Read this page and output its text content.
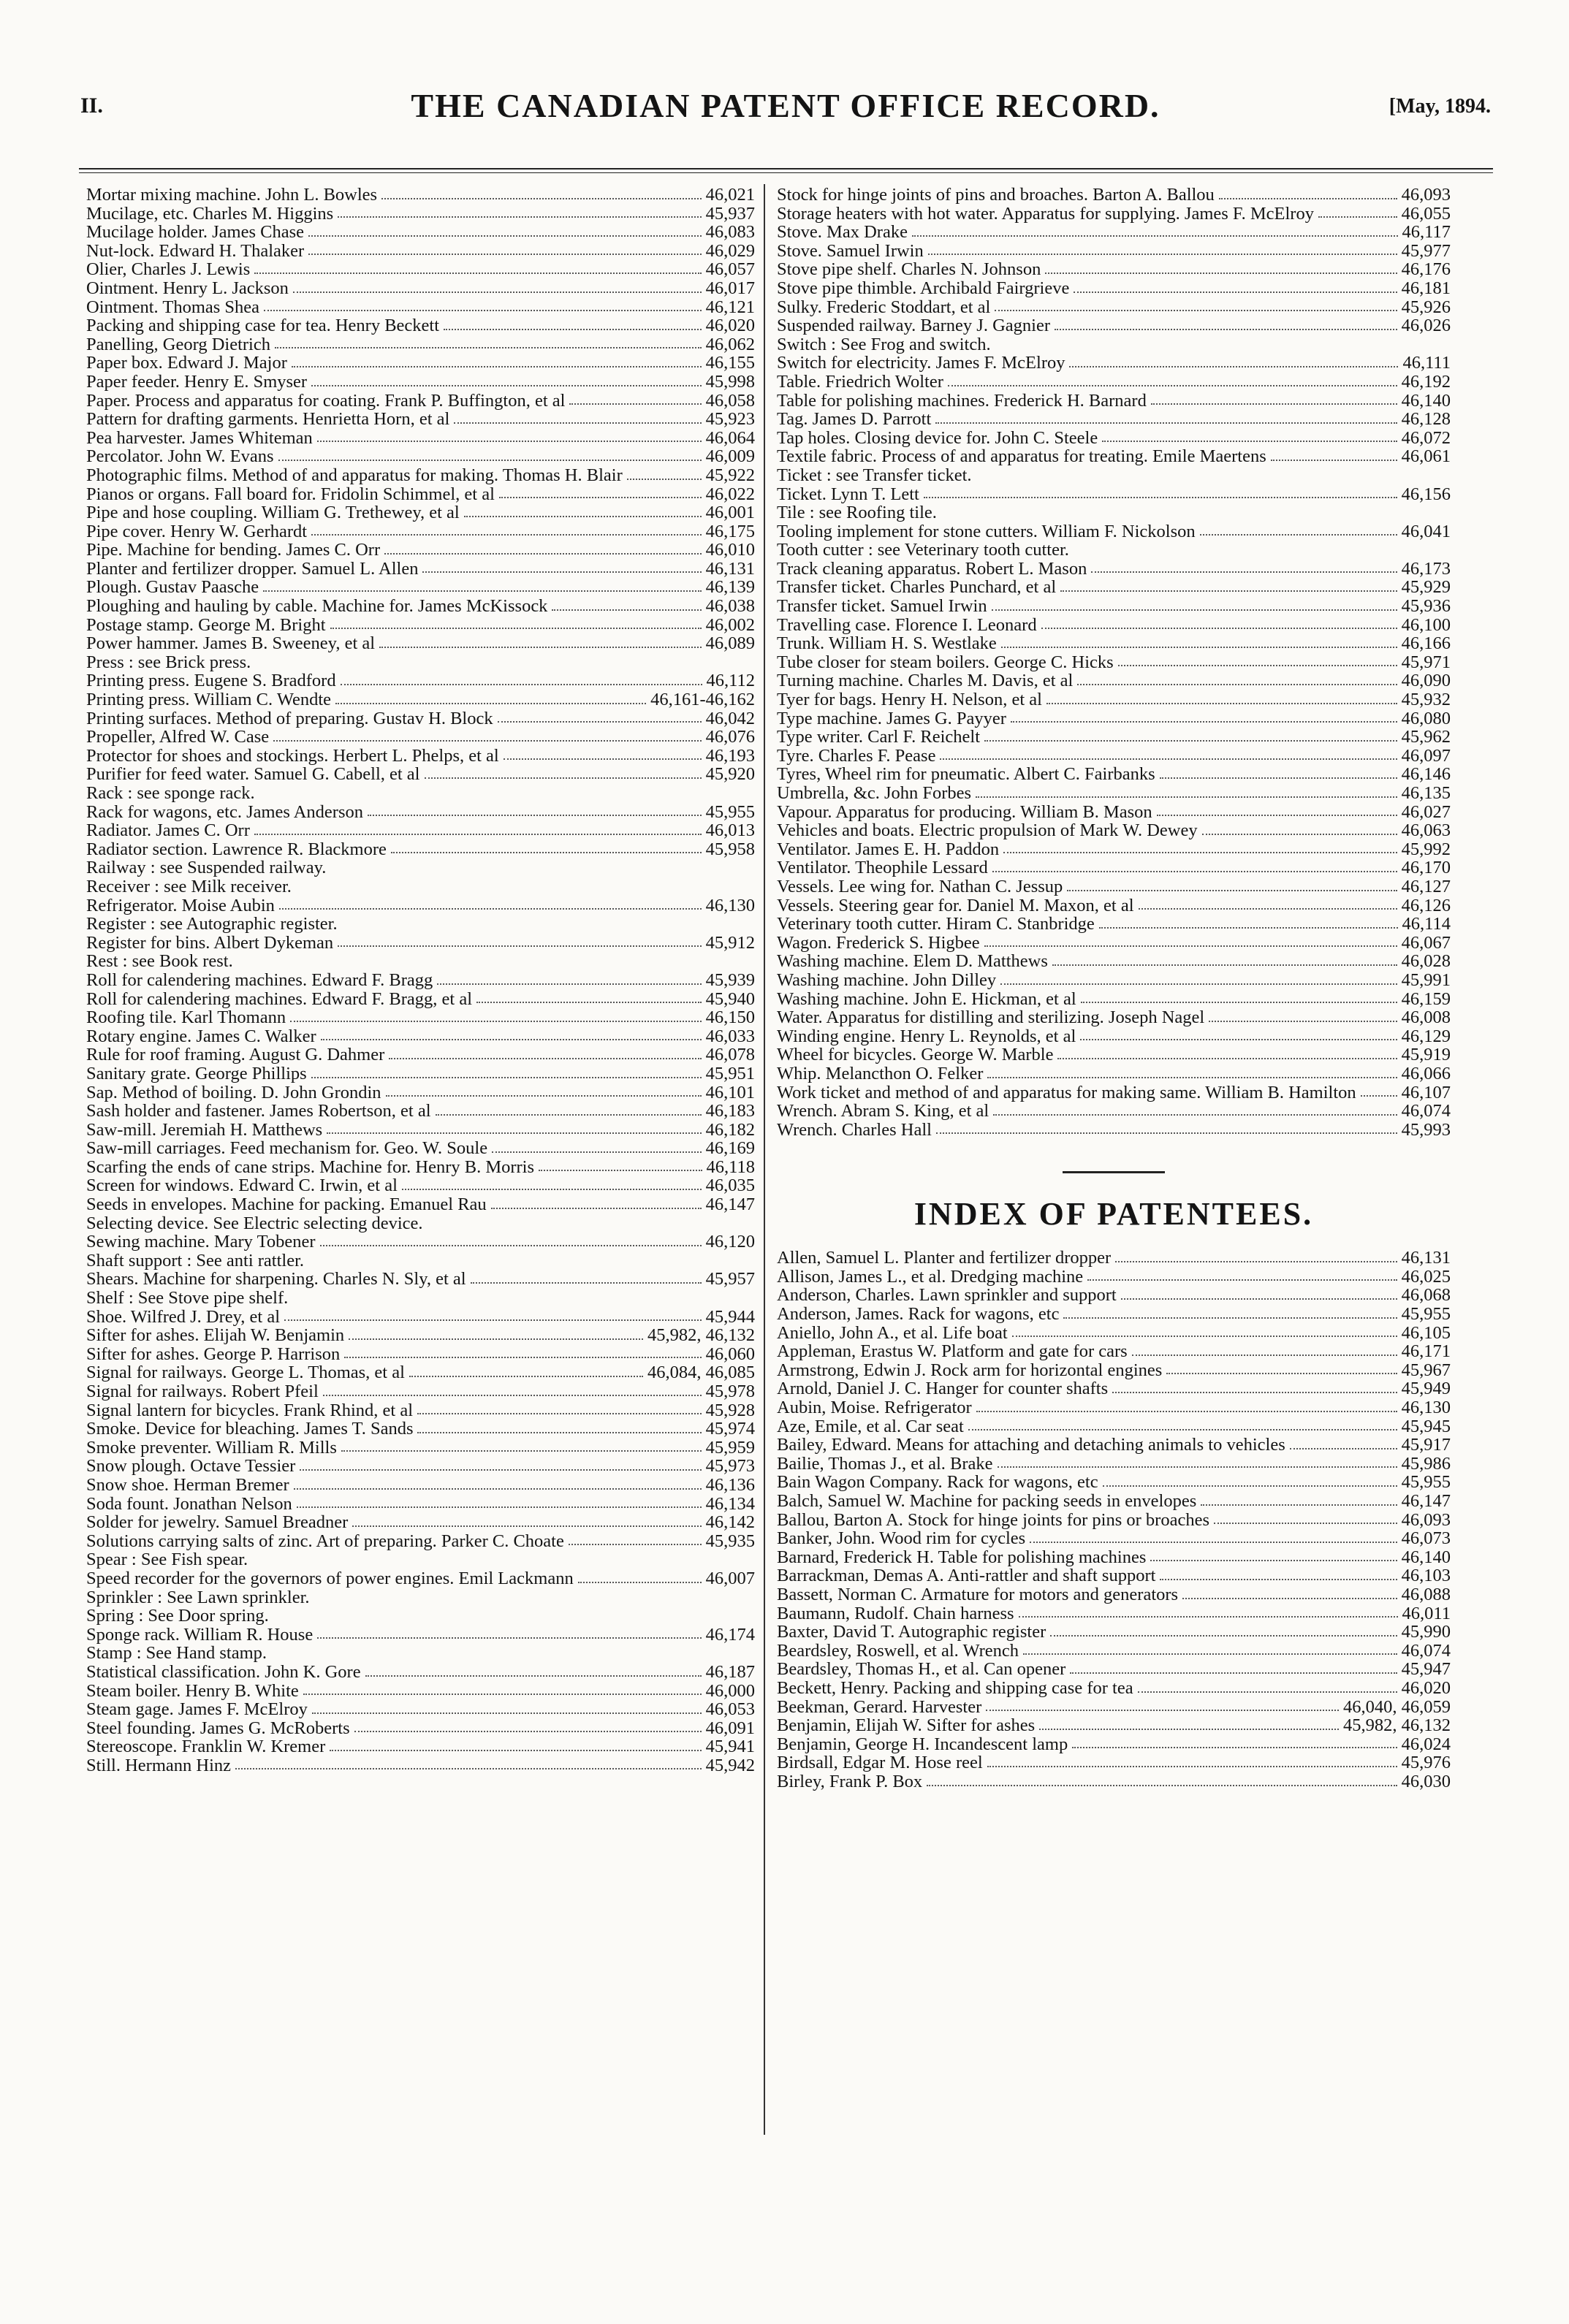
II.	THE CANADIAN PATENT OFFICE RECORD.	[May, 1894.
Mortar mixing machine. John L. Bowles	46,021
Mucilage, etc. Charles M. Higgins	45,937
Mucilage holder. James Chase	46,083
Nut-lock. Edward H. Thalaker	46,029
Olier, Charles J. Lewis	46,057
Ointment. Henry L. Jackson	46,017
Ointment. Thomas Shea	46,121
Packing and shipping case for tea. Henry Beckett	46,020
Panelling, Georg Dietrich	46,062
Paper box. Edward J. Major	46,155
Paper feeder. Henry E. Smyser	45,998
Paper. Process and apparatus for coating. Frank P. Buffington, et al	46,058
Pattern for drafting garments. Henrietta Horn, et al	45,923
Pea harvester. James Whiteman	46,064
Percolator. John W. Evans	46,009
Photographic films. Method of and apparatus for making. Thomas H. Blair	45,922
Pianos or organs. Fall board for. Fridolin Schimmel, et al	46,022
Pipe and hose coupling. William G. Trethewey, et al	46,001
Pipe cover. Henry W. Gerhardt	46,175
Pipe. Machine for bending. James C. Orr	46,010
Planter and fertilizer dropper. Samuel L. Allen	46,131
Plough. Gustav Paasche	46,139
Ploughing and hauling by cable. Machine for. James McKissock	46,038
Postage stamp. George M. Bright	46,002
Power hammer. James B. Sweeney, et al	46,089
Press : see Brick press.
Printing press. Eugene S. Bradford	46,112
Printing press. William C. Wendte	46,161-46,162
Printing surfaces. Method of preparing. Gustav H. Block	46,042
Propeller, Alfred W. Case	46,076
Protector for shoes and stockings. Herbert L. Phelps, et al	46,193
Purifier for feed water. Samuel G. Cabell, et al	45,920
Rack : see sponge rack.
Rack for wagons, etc. James Anderson	45,955
Radiator. James C. Orr	46,013
Radiator section. Lawrence R. Blackmore	45,958
Railway : see Suspended railway.
Receiver : see Milk receiver.
Refrigerator. Moise Aubin	46,130
Register : see Autographic register.
Register for bins. Albert Dykeman	45,912
Rest : see Book rest.
Roll for calendering machines. Edward F. Bragg	45,939
Roll for calendering machines. Edward F. Bragg, et al	45,940
Roofing tile. Karl Thomann	46,150
Rotary engine. James C. Walker	46,033
Rule for roof framing. August G. Dahmer	46,078
Sanitary grate. George Phillips	45,951
Sap. Method of boiling. D. John Grondin	46,101
Sash holder and fastener. James Robertson, et al	46,183
Saw-mill. Jeremiah H. Matthews	46,182
Saw-mill carriages. Feed mechanism for. Geo. W. Soule	46,169
Scarfing the ends of cane strips. Machine for. Henry B. Morris	46,118
Screen for windows. Edward C. Irwin, et al	46,035
Seeds in envelopes. Machine for packing. Emanuel Rau	46,147
Selecting device. See Electric selecting device.
Sewing machine. Mary Tobener	46,120
Shaft support : See anti rattler.
Shears. Machine for sharpening. Charles N. Sly, et al	45,957
Shelf : See Stove pipe shelf.
Shoe. Wilfred J. Drey, et al	45,944
Sifter for ashes. Elijah W. Benjamin	45,982, 46,132
Sifter for ashes. George P. Harrison	46,060
Signal for railways. George L. Thomas, et al	46,084, 46,085
Signal for railways. Robert Pfeil	45,978
Signal lantern for bicycles. Frank Rhind, et al	45,928
Smoke. Device for bleaching. James T. Sands	45,974
Smoke preventer. William R. Mills	45,959
Snow plough. Octave Tessier	45,973
Snow shoe. Herman Bremer	46,136
Soda fount. Jonathan Nelson	46,134
Solder for jewelry. Samuel Breadner	46,142
Solutions carrying salts of zinc. Art of preparing. Parker C. Choate	45,935
Spear : See Fish spear.
Speed recorder for the governors of power engines. Emil Lackmann	46,007
Sprinkler : See Lawn sprinkler.
Spring : See Door spring.
Sponge rack. William R. House	46,174
Stamp : See Hand stamp.
Statistical classification. John K. Gore	46,187
Steam boiler. Henry B. White	46,000
Steam gage. James F. McElroy	46,053
Steel founding. James G. McRoberts	46,091
Stereoscope. Franklin W. Kremer	45,941
Still. Hermann Hinz	45,942
Stock for hinge joints of pins and broaches. Barton A. Ballou	46,093
Storage heaters with hot water. Apparatus for supplying. James F. McElroy	46,055
Stove. Max Drake	46,117
Stove. Samuel Irwin	45,977
Stove pipe shelf. Charles N. Johnson	46,176
Stove pipe thimble. Archibald Fairgrieve	46,181
Sulky. Frederic Stoddart, et al	45,926
Suspended railway. Barney J. Gagnier	46,026
Switch : See Frog and switch.
Switch for electricity. James F. McElroy	46,111
Table. Friedrich Wolter	46,192
Table for polishing machines. Frederick H. Barnard	46,140
Tag. James D. Parrott	46,128
Tap holes. Closing device for. John C. Steele	46,072
Textile fabric. Process of and apparatus for treating. Emile Maertens	46,061
Ticket : see Transfer ticket.
Ticket. Lynn T. Lett	46,156
Tile : see Roofing tile.
Tooling implement for stone cutters. William F. Nickolson	46,041
Tooth cutter : see Veterinary tooth cutter.
Track cleaning apparatus. Robert L. Mason	46,173
Transfer ticket. Charles Punchard, et al	45,929
Transfer ticket. Samuel Irwin	45,936
Travelling case. Florence I. Leonard	46,100
Trunk. William H. S. Westlake	46,166
Tube closer for steam boilers. George C. Hicks	45,971
Turning machine. Charles M. Davis, et al	46,090
Tyer for bags. Henry H. Nelson, et al	45,932
Type machine. James G. Payyer	46,080
Type writer. Carl F. Reichelt	45,962
Tyre. Charles F. Pease	46,097
Tyres, Wheel rim for pneumatic. Albert C. Fairbanks	46,146
Umbrella, &c. John Forbes	46,135
Vapour. Apparatus for producing. William B. Mason	46,027
Vehicles and boats. Electric propulsion of Mark W. Dewey	46,063
Ventilator. James E. H. Paddon	45,992
Ventilator. Theophile Lessard	46,170
Vessels. Lee wing for. Nathan C. Jessup	46,127
Vessels. Steering gear for. Daniel M. Maxon, et al	46,126
Veterinary tooth cutter. Hiram C. Stanbridge	46,114
Wagon. Frederick S. Higbee	46,067
Washing machine. Elem D. Matthews	46,028
Washing machine. John Dilley	45,991
Washing machine. John E. Hickman, et al	46,159
Water. Apparatus for distilling and sterilizing. Joseph Nagel	46,008
Winding engine. Henry L. Reynolds, et al	46,129
Wheel for bicycles. George W. Marble	45,919
Whip. Melancthon O. Felker	46,066
Work ticket and method of and apparatus for making same. William B. Hamilton	46,107
Wrench. Abram S. King, et al	46,074
Wrench. Charles Hall	45,993
INDEX OF PATENTEES.
Allen, Samuel L. Planter and fertilizer dropper	46,131
Allison, James L., et al. Dredging machine	46,025
Anderson, Charles. Lawn sprinkler and support	46,068
Anderson, James. Rack for wagons, etc	45,955
Aniello, John A., et al. Life boat	46,105
Appleman, Erastus W. Platform and gate for cars	46,171
Armstrong, Edwin J. Rock arm for horizontal engines	45,967
Arnold, Daniel J. C. Hanger for counter shafts	45,949
Aubin, Moise. Refrigerator	46,130
Aze, Emile, et al. Car seat	45,945
Bailey, Edward. Means for attaching and detaching animals to vehicles	45,917
Bailie, Thomas J., et al. Brake	45,986
Bain Wagon Company. Rack for wagons, etc	45,955
Balch, Samuel W. Machine for packing seeds in envelopes	46,147
Ballou, Barton A. Stock for hinge joints for pins or broaches	46,093
Banker, John. Wood rim for cycles	46,073
Barnard, Frederick H. Table for polishing machines	46,140
Barrackman, Demas A. Anti-rattler and shaft support	46,103
Bassett, Norman C. Armature for motors and generators	46,088
Baumann, Rudolf. Chain harness	46,011
Baxter, David T. Autographic register	45,990
Beardsley, Roswell, et al. Wrench	46,074
Beardsley, Thomas H., et al. Can opener	45,947
Beckett, Henry. Packing and shipping case for tea	46,020
Beekman, Gerard. Harvester	46,040, 46,059
Benjamin, Elijah W. Sifter for ashes	45,982, 46,132
Benjamin, George H. Incandescent lamp	46,024
Birdsall, Edgar M. Hose reel	45,976
Birley, Frank P. Box	46,030
